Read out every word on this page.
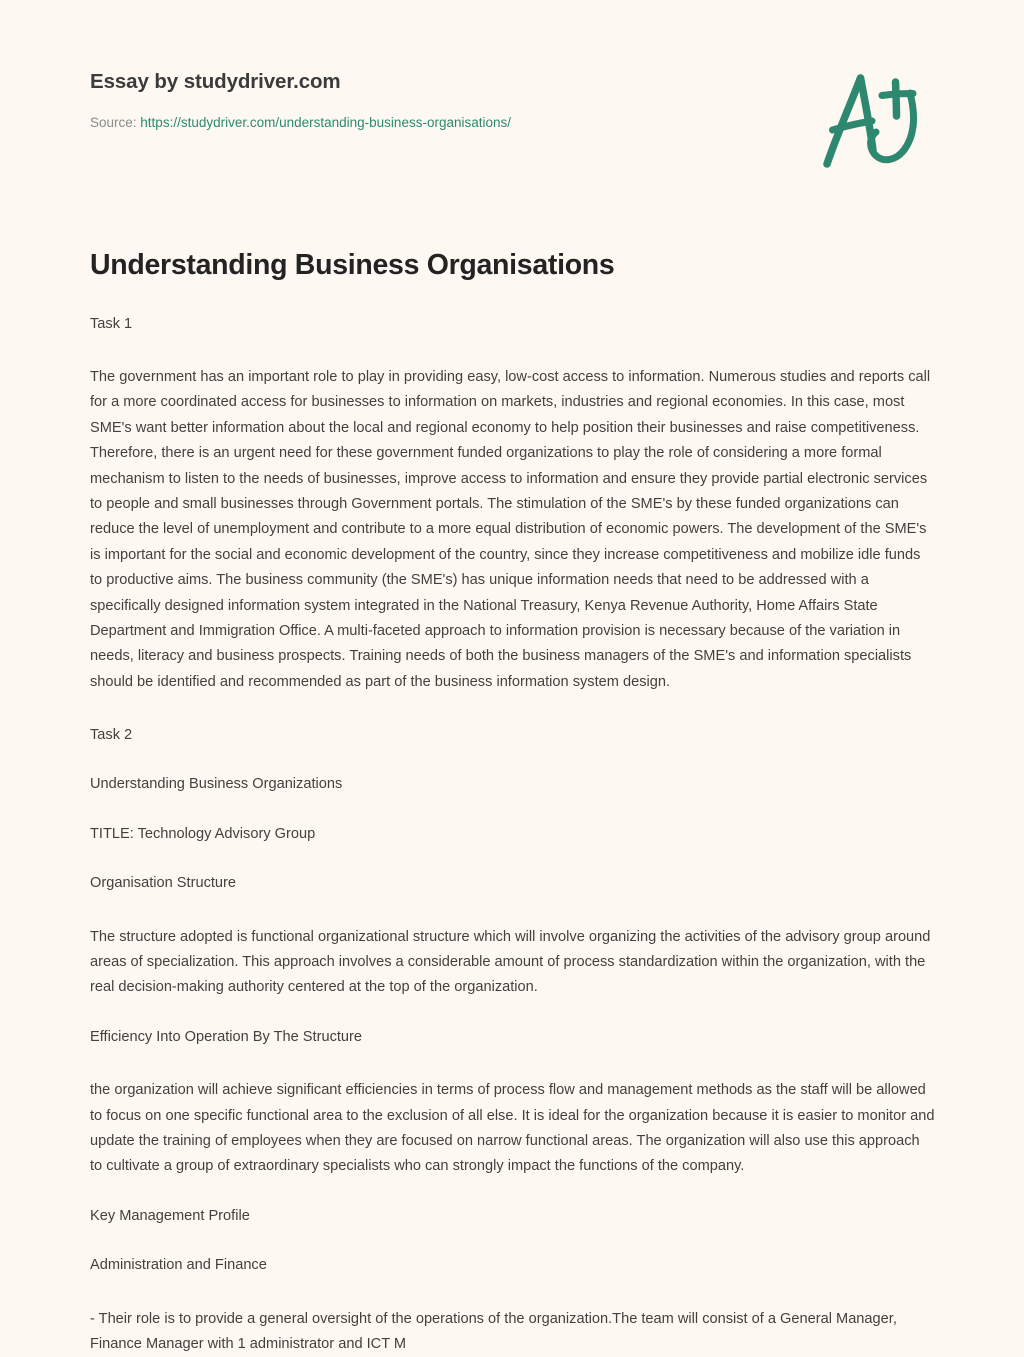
Essay by studydriver.com
Source: https://studydriver.com/understanding-business-organisations/
Understanding Business Organisations
Task 1
The government has an important role to play in providing easy, low-cost access to information. Numerous studies and reports call for a more coordinated access for businesses to information on markets, industries and regional economies. In this case, most SME's want better information about the local and regional economy to help position their businesses and raise competitiveness. Therefore, there is an urgent need for these government funded organizations to play the role of considering a more formal mechanism to listen to the needs of businesses, improve access to information and ensure they provide partial electronic services to people and small businesses through Government portals. The stimulation of the SME's by these funded organizations can reduce the level of unemployment and contribute to a more equal distribution of economic powers. The development of the SME's is important for the social and economic development of the country, since they increase competitiveness and mobilize idle funds to productive aims. The business community (the SME's) has unique information needs that need to be addressed with a specifically designed information system integrated in the National Treasury, Kenya Revenue Authority, Home Affairs State Department and Immigration Office. A multi-faceted approach to information provision is necessary because of the variation in needs, literacy and business prospects. Training needs of both the business managers of the SME's and information specialists should be identified and recommended as part of the business information system design.
Task 2
Understanding Business Organizations
TITLE: Technology Advisory Group
Organisation Structure
The structure adopted is functional organizational structure which will involve organizing the activities of the advisory group around areas of specialization. This approach involves a considerable amount of process standardization within the organization, with the real decision-making authority centered at the top of the organization.
Efficiency Into Operation By The Structure
the organization will achieve significant efficiencies in terms of process flow and management methods as the staff will be allowed to focus on one specific functional area to the exclusion of all else. It is ideal for the organization because it is easier to monitor and update the training of employees when they are focused on narrow functional areas. The organization will also use this approach to cultivate a group of extraordinary specialists who can strongly impact the functions of the company.
Key Management Profile
Administration and Finance
- Their role is to provide a general oversight of the operations of the organization.The team will consist of a General Manager, Finance Manager with 1 administrator and ICT M
